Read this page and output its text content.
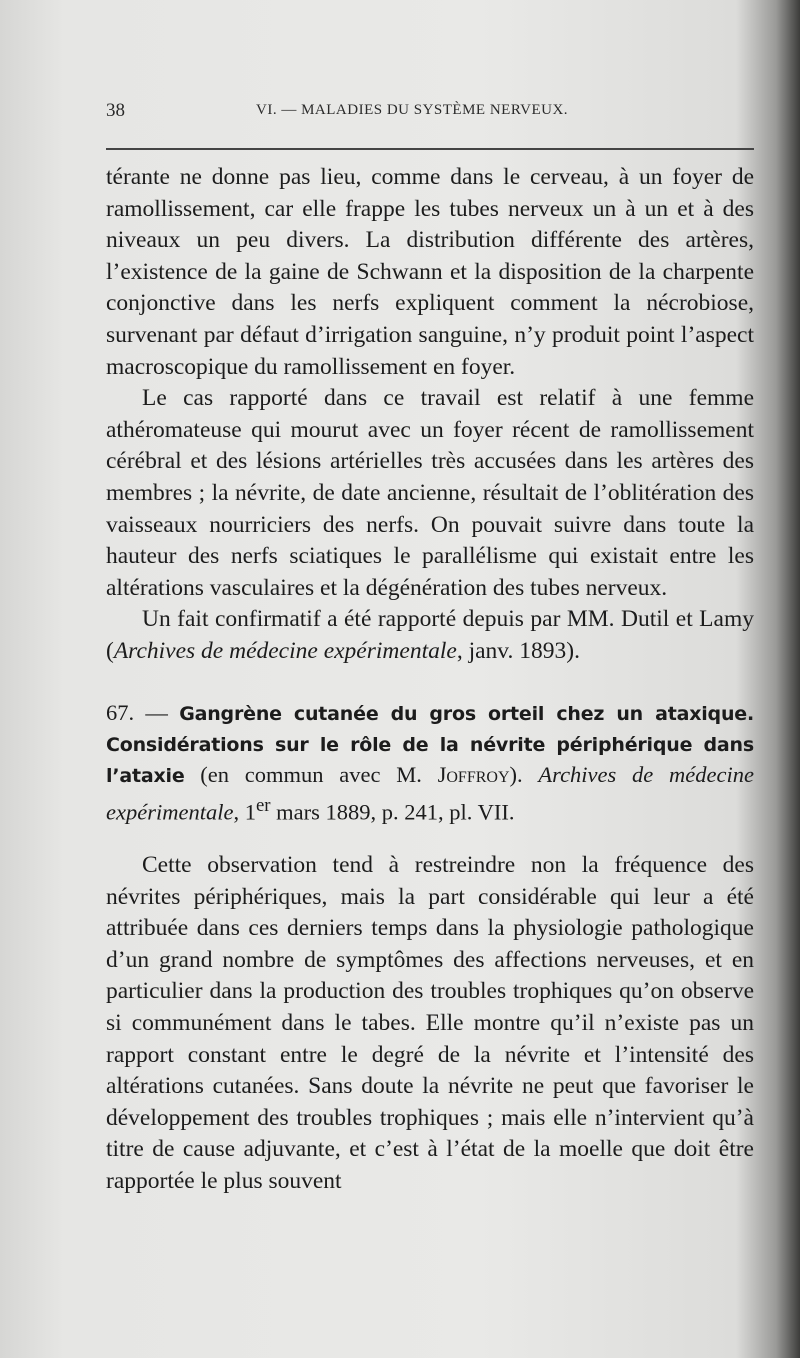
38	VI. — MALADIES DU SYSTÈME NERVEUX.

térante ne donne pas lieu, comme dans le cerveau, à un foyer de ramollissement, car elle frappe les tubes nerveux un à un et à des niveaux un peu divers. La distribution différente des artères, l’existence de la gaine de Schwann et la disposition de la charpente conjonctive dans les nerfs expliquent comment la nécrobiose, survenant par défaut d’irrigation sanguine, n’y produit point l’aspect macroscopique du ramollissement en foyer.

Le cas rapporté dans ce travail est relatif à une femme athéromateuse qui mourut avec un foyer récent de ramollissement cérébral et des lésions artérielles très accusées dans les artères des membres ; la névrite, de date ancienne, résultait de l’oblitération des vaisseaux nourriciers des nerfs. On pouvait suivre dans toute la hauteur des nerfs sciatiques le parallélisme qui existait entre les altérations vasculaires et la dégénération des tubes nerveux.

Un fait confirmatif a été rapporté depuis par MM. Dutil et Lamy (Archives de médecine expérimentale, janv. 1893).

67. — Gangrène cutanée du gros orteil chez un ataxique. Considérations sur le rôle de la névrite périphérique dans l’ataxie (en commun avec M. Joffroy). Archives de médecine expérimentale, 1er mars 1889, p. 241, pl. VII.

Cette observation tend à restreindre non la fréquence des névrites périphériques, mais la part considérable qui leur a été attribuée dans ces derniers temps dans la physiologie pathologique d’un grand nombre de symptômes des affections nerveuses, et en particulier dans la production des troubles trophiques qu’on observe si communément dans le tabes. Elle montre qu’il n’existe pas un rapport constant entre le degré de la névrite et l’intensité des altérations cutanées. Sans doute la névrite ne peut que favoriser le développement des troubles trophiques ; mais elle n’intervient qu’à titre de cause adjuvante, et c’est à l’état de la moelle que doit être rapportée le plus souvent
